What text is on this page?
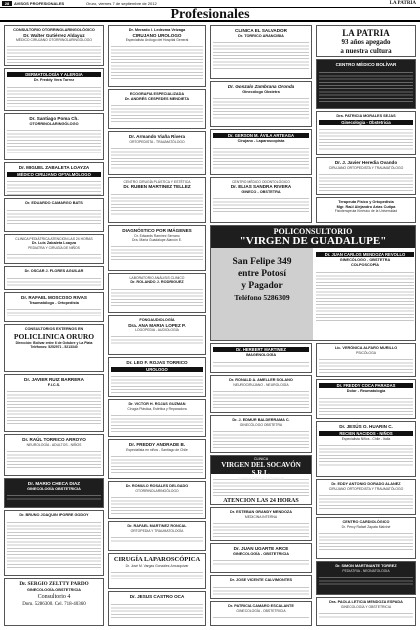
28	AVISOS PROFESIONALES	Oruro, viernes 7 de septiembre de 2012	LA PATRIA
Profesionales
CONSULTORIO OTORRINOLARINGOLÓGICO
Dr. Walter Gutiérrez Aldayuz
MÉDICO CIRUJANO OTORRINOLARINGÓLOGO
DERMATOLOGÍA Y ALERGIA
Dr. Freddy Vera Torrez
Dr. Santiago Poma Ch.
OTORRINOLARINGÓLOGO
Dr. MIGUEL ZABALETA LOAYZA
MÉDICO CIRUJANO OFTALMÓLOGO
Dr. EDUARDO CAMARGO BATS
CLINICA PEDIÁTRICA ATENCION LAS 24 HORAS
Dr. Luis Zabaleta Loayza
PEDIATRA Y CIRUGÍA DE NIÑOS
Dr. OSCAR J. FLORES AGUILAR
Dr. RAFAEL MOSCOSO RIVAS
Traumatólogo - Ortopedista
CONSULTORIOS EXTERNOS EN
POLICLINICA ORURO
Dirección: Bolívar entre 6 de Octubre y La Plata
Teléfonos: 5252971 - 5213340
Dr. JAVIER RUIZ BARRERA
F.I.C.S.
Dr. RAÚL TORRICO ARROYO
NEUROLOGÍA - ADULTOS - NIÑOS
Dr. MARIO CHECA DIAZ
GINECOLOGÍA OBSTETRICIA
Dr. BRUNO JOAQUIN IPORRE GODOY
Dr. SERGIO ZELTTY PARDO
GINECOLOGÍA-OBSTETRICIA
Consultorio 4
Dom. 5286300. Cel. 718-40360
Dr. Merardo I. Ledezma Veizaga
CIRUJANO UROLOGO
Especialista Urólogo del Hospital General
ECOGRAFIA ESPECIALIZADA
Dr. ANDRÉS CESPEDES MENDIETA
Dr. Armando Viaña Rivera
ORTOPEDISTA - TRAUMATÓLOGO
CENTRO CIRUGÍA PLÁSTICA Y ESTÉTICA
Dr. RUBEN MARTINEZ TELLEZ
DIAGNÓSTICO POR IMÁGENES
Dr. Edwards Ramírez Serrano
Dra. María Guadalupe Alarcón E.
LABORATORIO ANÁLISIS CLINICO
Dr. ROLANDO J. RODRIGUEZ
FONOAUDIOLOGÍA
Dra. ANA MARIA LOPEZ P.
LOGOPEDIA - AUDIOLOGÍA
Dr. LEO F. ROJAS TORRICO
UROLOGO
Dr. VICTOR H. ROJAS GUZMAN
Cirugía Plástica, Estética y Reparadora
Dr. FREDDY ANDRADE B.
Especialista en niños - Santiago de Chile
Dr. ROMULO ROSALES DELGADO
OTORRINOLARINGÓLOGO
Dr. RAFAEL MARTINEZ RONCAL
ORTOPEDIA Y TRAUMATOLOGÍA
CIRUGÍA LAPAROSCÓPICA
Dr. José M. Vargas González-Amusquivar
Dr. JESUS CASTRO OCA
CLINICA EL SALVADOR
Dr. TORRICO ARANCIBIA
Dr. Gonzalo Zambrana Oronda
Ginecólogo Obstetra
Dr. GERSON M. ÁVILA ARTEAGA
Cirujano - Laparoscopista
CENTRO MÉDICO ODONTOLÓGICO
Dr. ELIAS SANDRA RIVERA
GINECO - OBSTETRA
POLICONSULTORIO
"VIRGEN DE GUADALUPE"
San Felipe 349
entre Potosí
y Pagador
Teléfono 5286309
Dr. JUAN CARLOS MENDOZA REVOLLO
GINECÓLOGO - OBSTETRA
COLPOSCOPÍA
Dr. HERBERT MARTINEZ
IMAGENOLOGÍA
Dr. RONALD A. AMELLER SOLANO
NEUROCIRUJANO - NEUROLOGÍA
Dr. J. EDMUR BALDERRAMA C.
GINECÓLOGO OBSTETRA
CLINICA
VIRGEN DEL SOCAVÓN S.R.L.
CONSULTORIOS EXTERNOS
ATENCION LAS 24 HORAS
Dr. ESTEBAN GRANDY MENDOZA
MEDICINA INTERNA
Dr. JUAN UGARTE ARCE
GINECOLOGÍA - OBSTETRICIA
Dr. JOSE VICENTE CALVIMONTES
Dr. PATRICIA CAMARO ESCALANTE
GINECOLOGÍA - OBSTETRICIA
LA PATRIA
93 años apegado
a nuestra cultura
CENTRO MÉDICO BOLÍVAR
Dra. PATRICIA MORALES SEJAS
Ginecologia - Obstetricia
Dr. J. Javier Heredia Ovando
CIRUJANO ORTOPEDISTA Y TRAUMATÓLOGO
Terapeuta Físico y Ortopedista
Mgr. Raúl Alejandro Arias Cutipa
Fisioterapeuta Kinésico de la Universidad
Lic. VERÓNICA ALFARO MURILLO
PSICÓLOGA
Dr. FREDDY COCA PARADAS
Dolor - Reumatología
Dr. JESÚS O. HUARIN C.
RECIEN NACIDOS - NIÑOS
Especialista Niños - Chile - Italia
Dr. EDDY ANTONIO DORADO ALANEZ
CIRUJANO ORTOPEDISTA Y TRAUMATÓLOGO
CENTRO CARDIOLÓGICO
Dr. Percy Rafael Zapata Malviné
Dr. SIMON MARTINANTE TORREZ
PEDIATRIA - NEONATOLOGIA
Dra. PAOLA LETICIA MENDOZA ESPADA
GINECOLOGÍA Y OBSTETRICIA
